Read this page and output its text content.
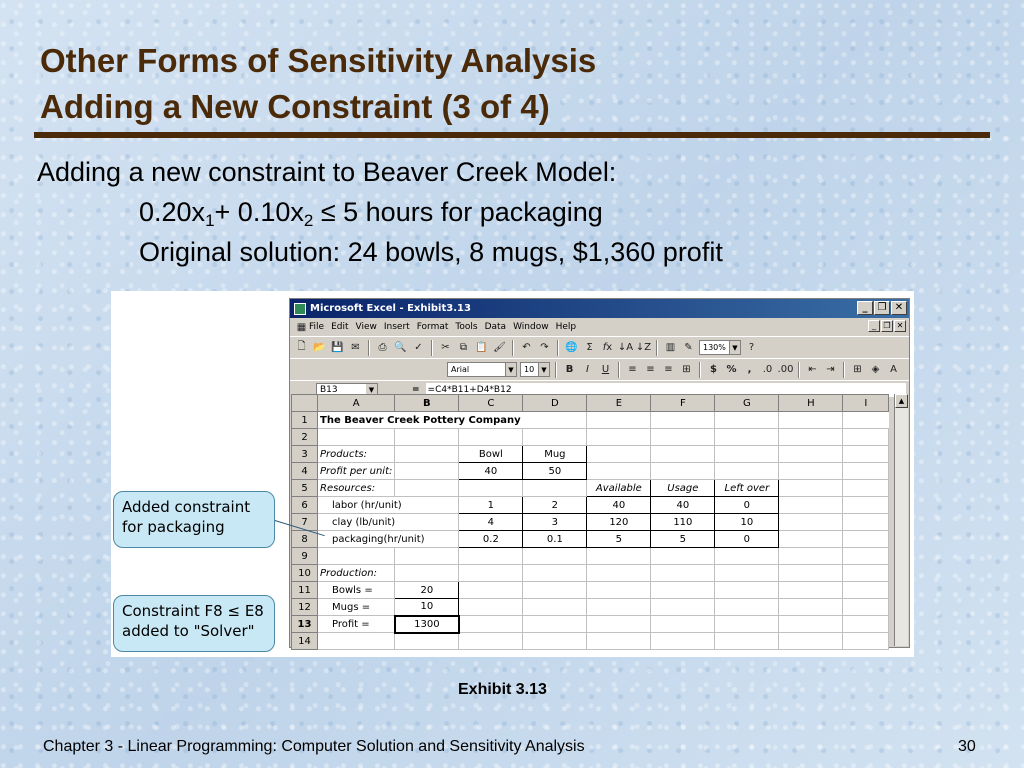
Other Forms of Sensitivity Analysis
Adding a New Constraint (3 of 4)
Adding a new constraint to Beaver Creek Model:
$0.20x_1+ 0.10x_2 \le 5$ hours for packaging
Original solution: 24 bowls, 8 mugs, $1,360 profit
Microsoft Excel - Exhibit3.13	_	❐ ✕
▦ File Edit View Insert Format Tools Data Window Help	_ ❐ ✕
🗋 📂 💾 ✉	⎙ 🔍 ✓	✂	⧉ 📋 🖌	↶ ↷	🌐 Σ	f x ↓A ↓Z ▥ ✎	130% ▼	?
Arial	▼ 10	▼	B	I	U	≡ ≡ ≡ ⊞	$ %	,	.0 .00	⇤ ⇥	⊞ ◈	A
B13	▼	= =C4*B11+D4*B12
	A	B	C	D	E	F	G	H	I
1	The Beaver Creek Pottery Company								
2									
3	Products:		Bowl	Mug					
4	Profit per unit:		40	50					
5	Resources:				Available	Usage	Left over		
6	labor (hr/unit)		1	2	40	40	0		
7	clay (lb/unit)		4	3	120	110	10		
8	packaging(hr/unit)		0.2	0.1	5	5	0		
9									
10	Production:								
11	Bowls =	20							
12	Mugs =	10							
13	Profit =	1300							
14									
▲
Added constraint
for packaging
Constraint F8 ≤ E8
added to "Solver"
Exhibit 3.13
Chapter 3 - Linear Programming: Computer Solution and Sensitivity Analysis	30
